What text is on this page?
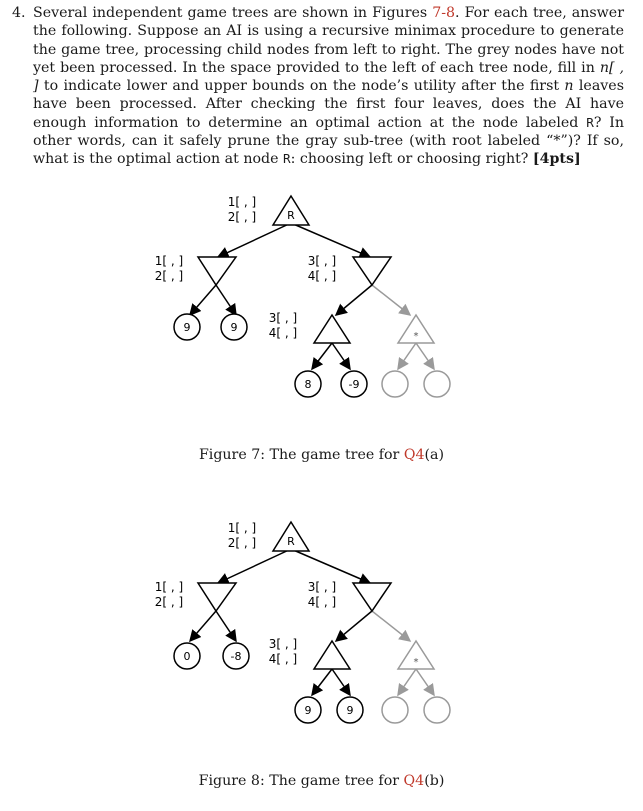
4. Several independent game trees are shown in Figures 7-8. For each tree, answer the following. Suppose an AI is using a recursive minimax procedure to generate the game tree, processing child nodes from left to right. The grey nodes have not yet been processed. In the space provided to the left of each tree node, fill in n[ , ] to indicate lower and upper bounds on the node’s utility after the first n leaves have been processed. After checking the first four leaves, does the AI have enough information to determine an optimal action at the node labeled R? In other words, can it safely prune the gray sub-tree (with root labeled “*”)? If so, what is the optimal action at node R: choosing left or choosing right? [4pts]
R
1[ , ]
2[ , ]
1[ , ]
2[ , ]
3[ , ]
4[ , ]
9	9
3[ , ]
4[ , ]	*
8	-9
Figure 7: The game tree for Q4(a)
R
1[ , ]
2[ , ]
1[ , ]
2[ , ]
3[ , ]
4[ , ]
0	-8
3[ , ]
4[ , ]	*
9	9
Figure 8: The game tree for Q4(b)
